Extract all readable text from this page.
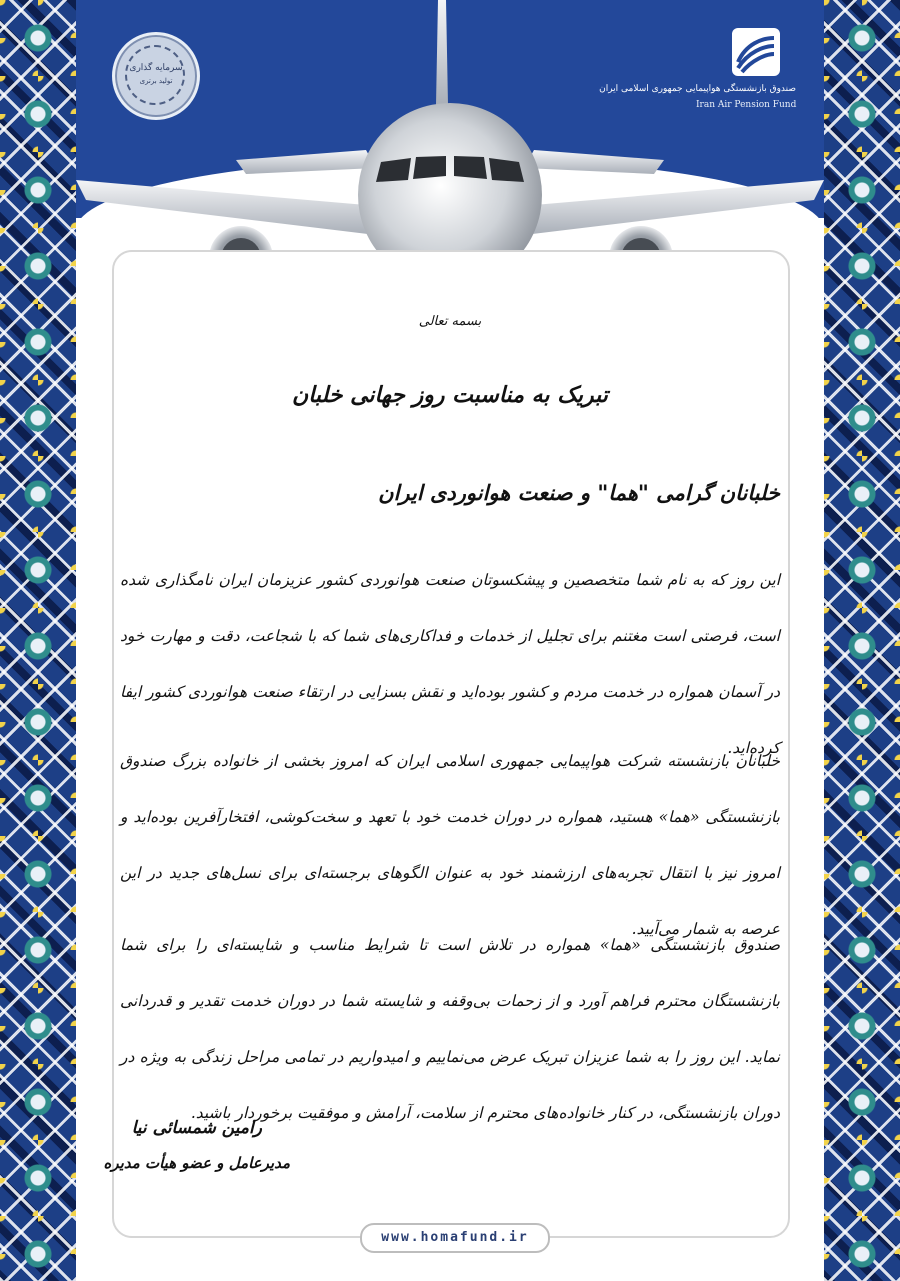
سرمایه گذاری
تولید برتری
صندوق بازنشستگی هواپیمایی جمهوری اسلامی ایران
Iran Air Pension Fund
بسمه تعالی
تبریک به مناسبت روز جهانی خلبان
خلبانان گرامی "هما" و صنعت هوانوردی ایران
این روز که به نام شما متخصصین و پیشکسوتان صنعت هوانوردی کشور عزیزمان ایران نامگذاری شده است، فرصتی است مغتنم برای تجلیل از خدمات و فداکاری‌های شما که با شجاعت، دقت و مهارت خود در آسمان همواره در خدمت مردم و کشور بوده‌اید و نقش بسزایی در ارتقاء صنعت هوانوردی کشور ایفا کرده‌اید.
خلبانان بازنشسته شرکت هواپیمایی جمهوری اسلامی ایران که امروز بخشی از خانواده بزرگ صندوق بازنشستگی «هما» هستید، همواره در دوران خدمت خود با تعهد و سخت‌کوشی، افتخارآفرین بوده‌اید و امروز نیز با انتقال تجربه‌های ارزشمند خود به عنوان الگوهای برجسته‌ای برای نسل‌های جدید در این عرصه به شمار می‌آیید.
صندوق بازنشستگی «هما» همواره در تلاش است تا شرایط مناسب و شایسته‌ای را برای شما بازنشستگان محترم فراهم آورد و از زحمات بی‌وقفه و شایسته شما در دوران خدمت تقدیر و قدردانی نماید. این روز را به شما عزیزان تبریک عرض می‌نماییم و امیدواریم در تمامی مراحل زندگی به ویژه در دوران بازنشستگی، در کنار خانواده‌های محترم از سلامت، آرامش و موفقیت برخوردار باشید.
رامین شمسائی نیا
مدیرعامل و عضو هیأت مدیره
www.homafund.ir
